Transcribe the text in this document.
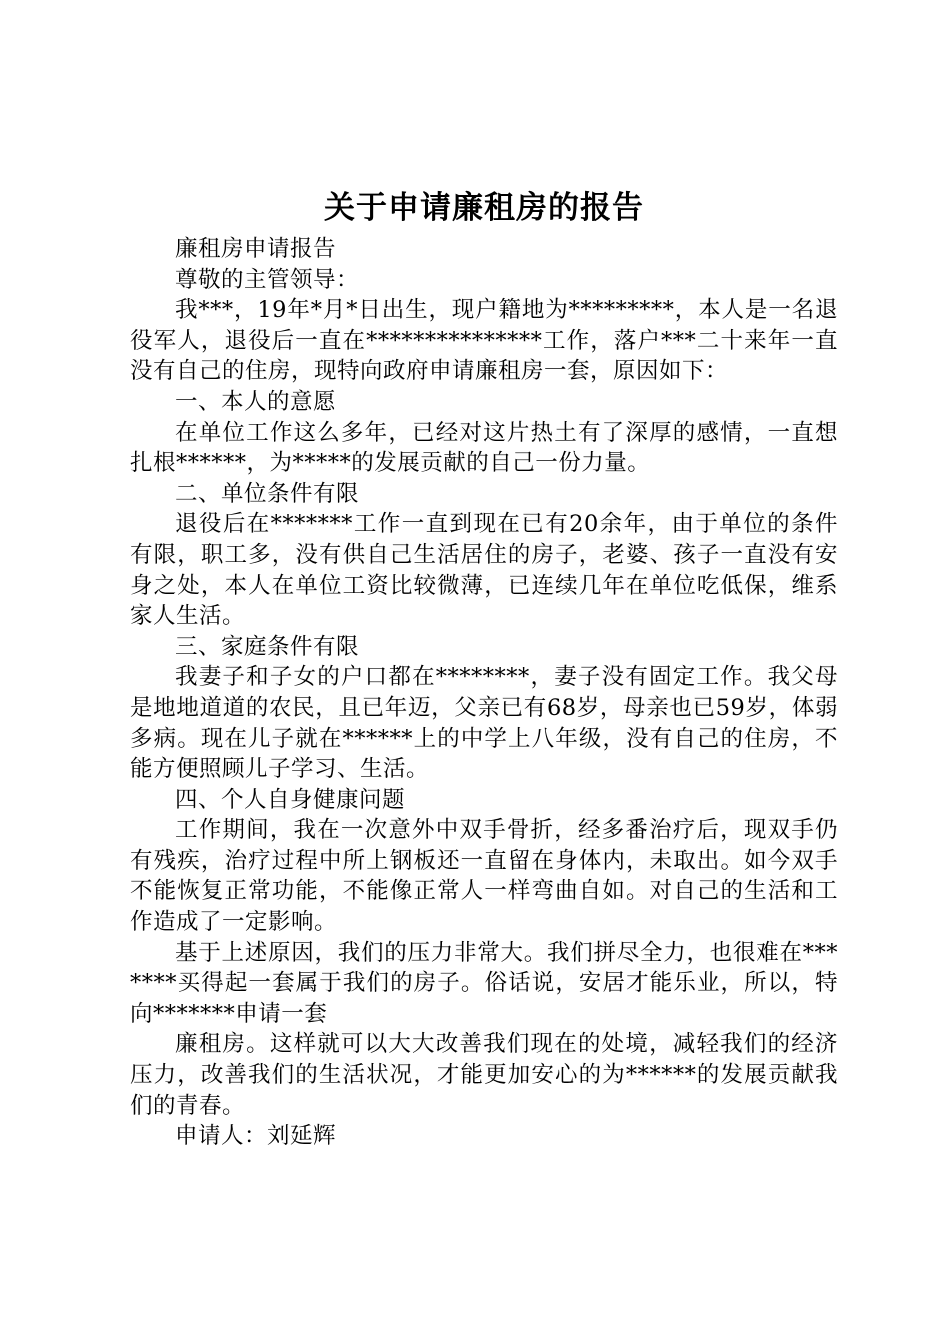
关于申请廉租房的报告

廉租房申请报告

尊敬的主管领导：

我***，19年*月*日出生，现户籍地为*********，本人是一名退役军人，退役后一直在***************工作，落户***二十来年一直没有自己的住房，现特向政府申请廉租房一套，原因如下：

一、本人的意愿

在单位工作这么多年，已经对这片热土有了深厚的感情，一直想扎根******，为*****的发展贡献的自己一份力量。

二、单位条件有限

退役后在*******工作一直到现在已有20余年，由于单位的条件有限，职工多，没有供自己生活居住的房子，老婆、孩子一直没有安身之处，本人在单位工资比较微薄，已连续几年在单位吃低保，维系家人生活。

三、家庭条件有限

我妻子和子女的户口都在********，妻子没有固定工作。我父母是地地道道的农民，且已年迈，父亲已有68岁，母亲也已59岁，体弱多病。现在儿子就在******上的中学上八年级，没有自己的住房，不能方便照顾儿子学习、生活。

四、个人自身健康问题

工作期间，我在一次意外中双手骨折，经多番治疗后，现双手仍有残疾，治疗过程中所上钢板还一直留在身体内，未取出。如今双手不能恢复正常功能，不能像正常人一样弯曲自如。对自己的生活和工作造成了一定影响。

基于上述原因，我们的压力非常大。我们拼尽全力，也很难在*******买得起一套属于我们的房子。俗话说，安居才能乐业，所以，特向*******申请一套

廉租房。这样就可以大大改善我们现在的处境，减轻我们的经济压力，改善我们的生活状况，才能更加安心的为******的发展贡献我们的青春。

申请人：刘延辉
